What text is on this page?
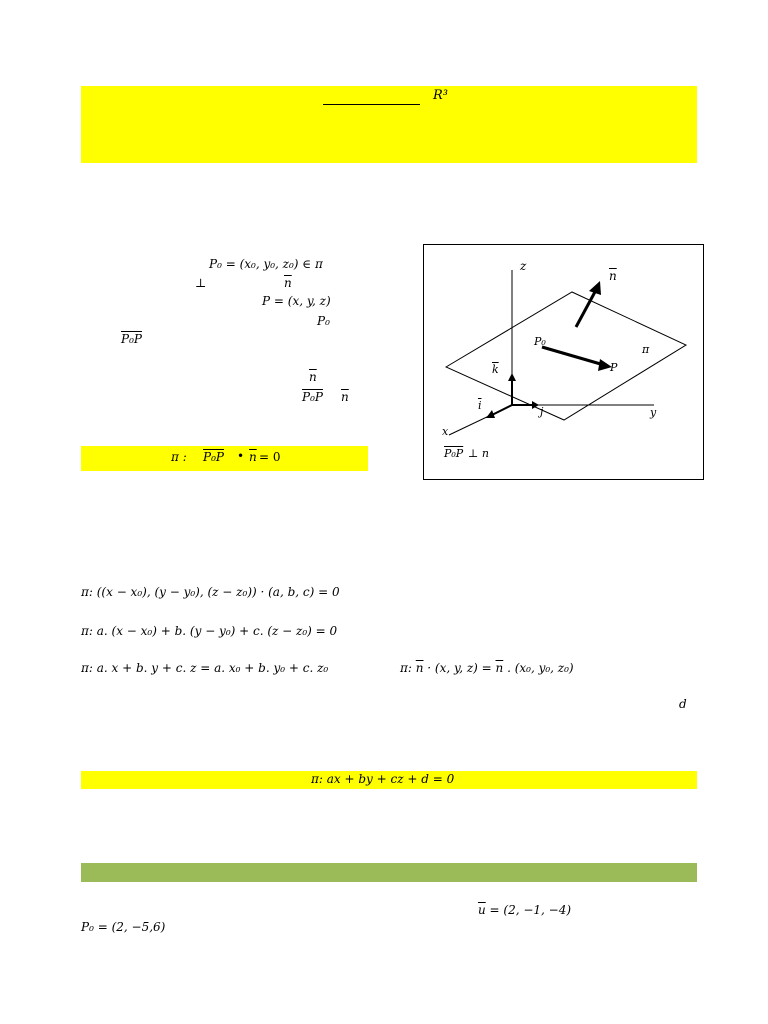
R³
P₀ = (x₀, y₀, z₀) ∈ π
⊥	$\overline{n}$
P = (x, y, z)
P₀
P₀P
$\overline{n}$
P₀P $\overline{n}$
π : P₀P • $\overline{n} = 0$
z
$\overline{n}$
P₀
π
P
$\overline{k}$
$\overline{i}$	j	y
x
P₀P ⊥ n
π: ((x − x₀), (y − y₀), (z − z₀)) · (a, b, c) = 0
π: a. (x − x₀) + b. (y − y₀) + c. (z − z₀) = 0
π: a. x + b. y + c. z = a. x₀ + b. y₀ + c. z₀	π: $\overline{n} \cdot (x$, y, $z) = \overline{n}$ . (x₀, y₀, z₀)
d
π: ax + by + cz + d = 0
$\overline{u} = (2$, −1, −4)
P₀ = (2, −5,6)
